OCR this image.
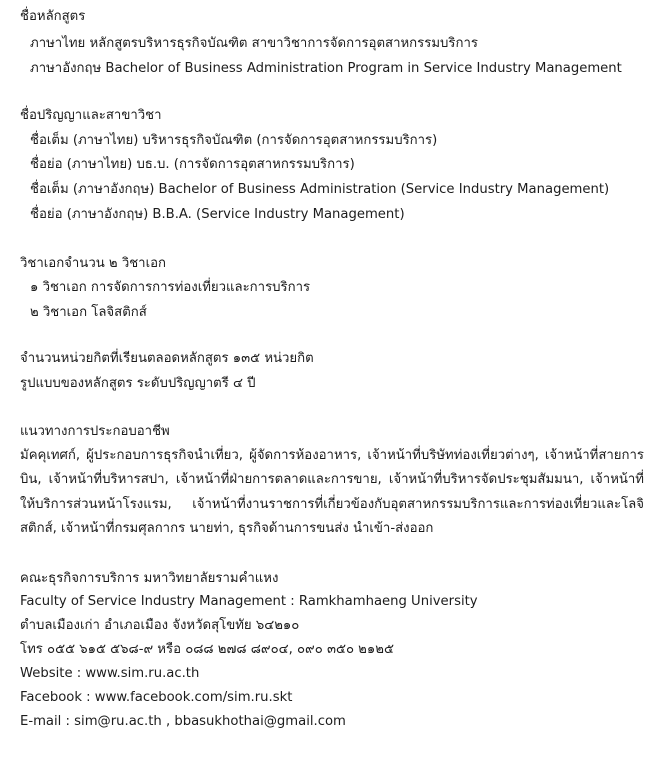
ชื่อหลักสูตร
ภาษาไทย หลักสูตรบริหารธุรกิจบัณฑิต สาขาวิชาการจัดการอุตสาหกรรมบริการ
ภาษาอังกฤษ Bachelor of Business Administration Program in Service Industry Management
ชื่อปริญญาและสาขาวิชา
ชื่อเต็ม (ภาษาไทย) บริหารธุรกิจบัณฑิต (การจัดการอุตสาหกรรมบริการ)
ชื่อย่อ (ภาษาไทย) บธ.บ. (การจัดการอุตสาหกรรมบริการ)
ชื่อเต็ม (ภาษาอังกฤษ) Bachelor of Business Administration (Service Industry Management)
ชื่อย่อ (ภาษาอังกฤษ) B.B.A. (Service Industry Management)
วิชาเอกจำนวน ๒ วิชาเอก
๑ วิชาเอก การจัดการการท่องเที่ยวและการบริการ
๒ วิชาเอก โลจิสติกส์
จำนวนหน่วยกิตที่เรียนตลอดหลักสูตร ๑๓๕ หน่วยกิต
รูปแบบของหลักสูตร ระดับปริญญาตรี ๔ ปี
แนวทางการประกอบอาชีพ
มัคคุเทศก์, ผู้ประกอบการธุรกิจนำเที่ยว, ผู้จัดการห้องอาหาร, เจ้าหน้าที่บริษัทท่องเที่ยวต่างๆ, เจ้าหน้าที่สายการบิน, เจ้าหน้าที่บริหารสปา, เจ้าหน้าที่ฝ่ายการตลาดและการขาย, เจ้าหน้าที่บริหารจัดประชุมสัมมนา, เจ้าหน้าที่ให้บริการส่วนหน้าโรงแรม, เจ้าหน้าที่งานราชการที่เกี่ยวข้องกับอุตสาหกรรมบริการและการท่องเที่ยวและโลจิสติกส์, เจ้าหน้าที่กรมศุลกากร นายท่า, ธุรกิจด้านการขนส่ง นำเข้า-ส่งออก
คณะธุรกิจการบริการ มหาวิทยาลัยรามคำแหง
Faculty of Service Industry Management : Ramkhamhaeng University
ตำบลเมืองเก่า อำเภอเมือง จังหวัดสุโขทัย ๖๔๒๑๐
โทร ๐๕๕ ๖๑๕ ๕๖๘-๙ หรือ ๐๘๘ ๒๗๘ ๘๙๐๔, ๐๙๐ ๓๕๐ ๒๑๒๕
Website : www.sim.ru.ac.th
Facebook : www.facebook.com/sim.ru.skt
E-mail : sim@ru.ac.th , bbasukhothai@gmail.com
